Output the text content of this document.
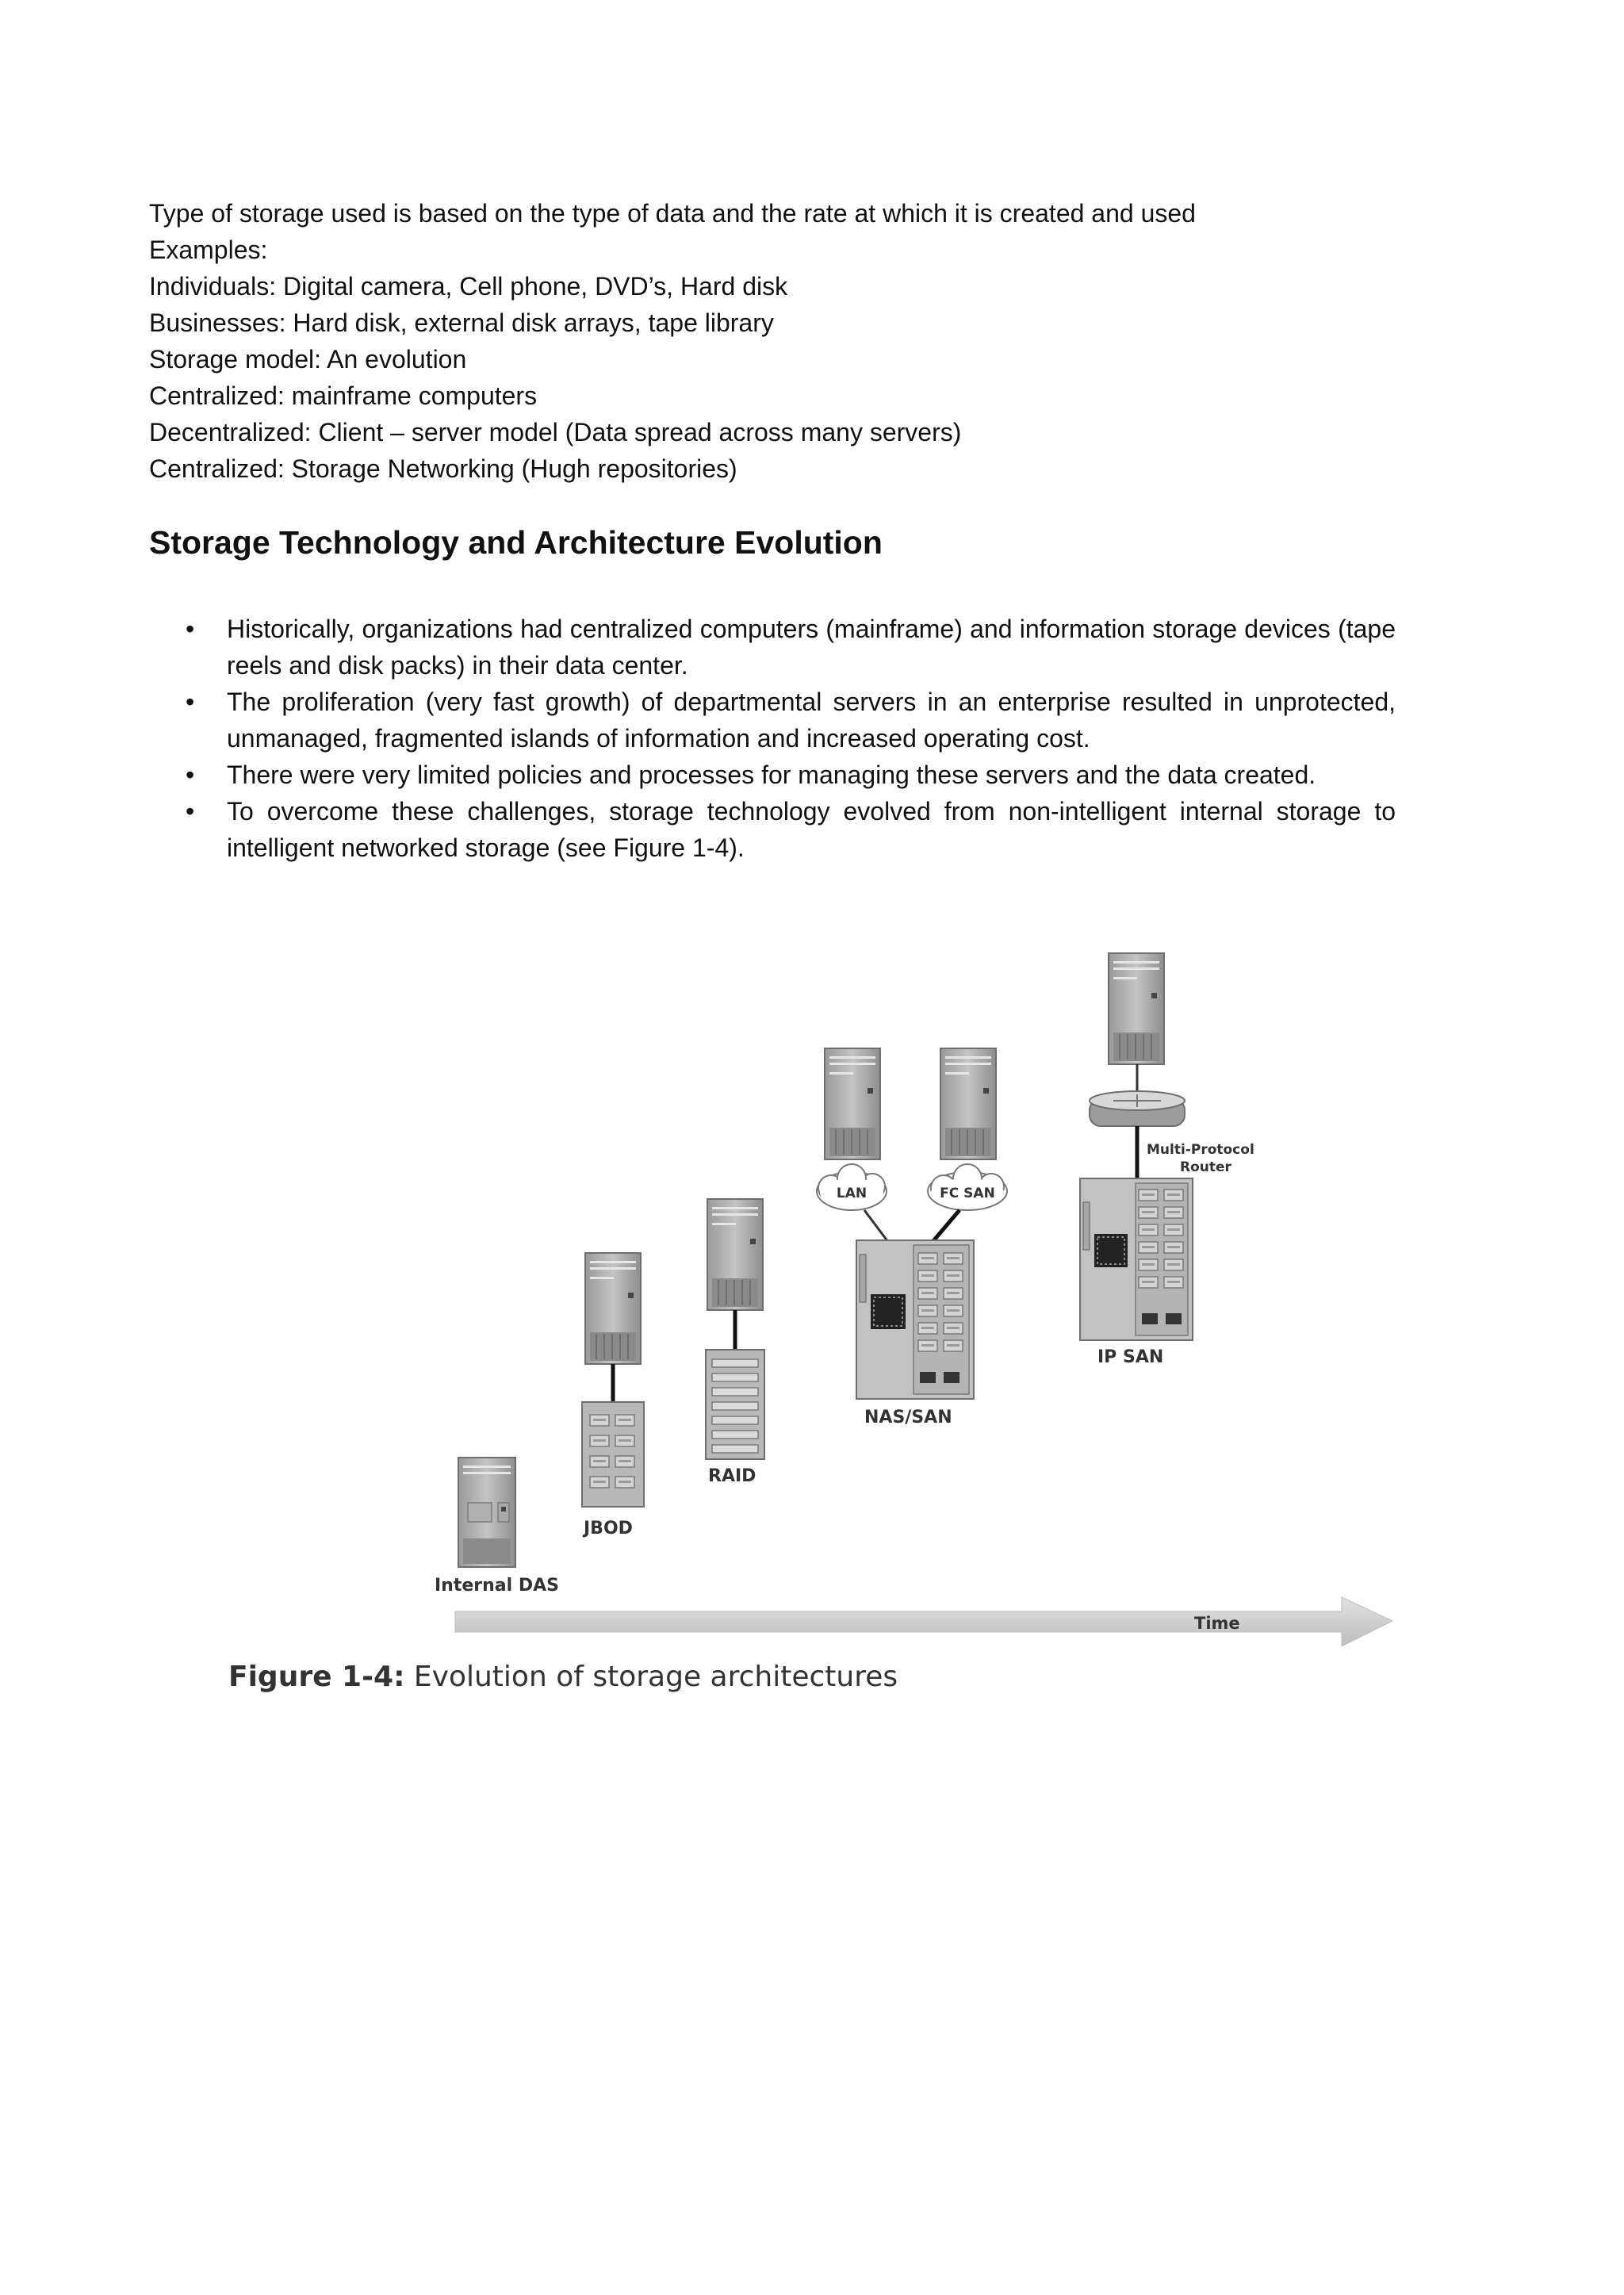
Type of storage used is based on the type of data and the rate at which it is created and used

Examples:

Individuals: Digital camera, Cell phone, DVD’s, Hard disk

Businesses: Hard disk, external disk arrays, tape library

Storage model: An evolution

Centralized: mainframe computers

Decentralized: Client – server model (Data spread across many servers)

Centralized: Storage Networking (Hugh repositories)

Storage Technology and Architecture Evolution
• Historically, organizations had centralized computers (mainframe) and information storage devices (tape reels and disk packs) in their data center.
• The proliferation (very fast growth) of departmental servers in an enterprise resulted in unprotected, unmanaged, fragmented islands of information and increased operating cost.
• There were very limited policies and processes for managing these servers and the data created.
• To overcome these challenges, storage technology evolved from non-intelligent internal storage to intelligent networked storage (see Figure 1-4).
Internal DAS
JBOD
RAID
LAN	FC SAN
NAS/SAN
Multi-Protocol
Router
IP SAN
Time
Figure 1-4: Evolution of storage architectures
